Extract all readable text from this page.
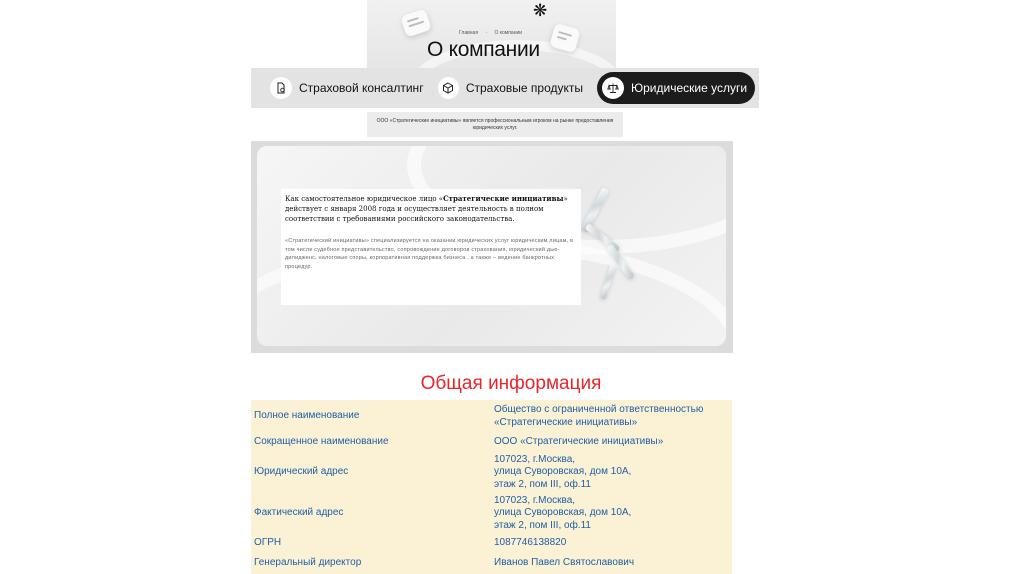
Главная · О компании
О компании
❋
Страховой консалтинг	Страховые продукты	Юридические услуги

ООО «Стратегические инициативы» является профессиональным игроком на рынке предоставления юридических услуг.

Как самостоятельное юридическое лицо «Стратегические инициативы» действует с января 2008 года и осуществляет деятельность в полном соответствии с требованиями российского законодательства.

«Стратегический инициативы» специализируется на оказании юридических услуг юридическим лицам, в том числе судебное представительство, сопровождение договоров страхования, юридический дью-дилидженс, налоговые споры, корпоративная поддержка бизнеса , а также – ведение банкротных процедур.

Общая информация
Полное наименование	Общество с ограниченной ответственностью
«Стратегические инициативы»
Сокращенное наименование	ООО «Стратегические инициативы»
Юридический адрес	107023, г.Москва,
улица Суворовская, дом 10А,
этаж 2, пом III, оф.11
Фактический адрес	107023, г.Москва,
улица Суворовская, дом 10А,
этаж 2, пом III, оф.11
ОГРН	1087746138820
Генеральный директор	Иванов Павел Святославович
